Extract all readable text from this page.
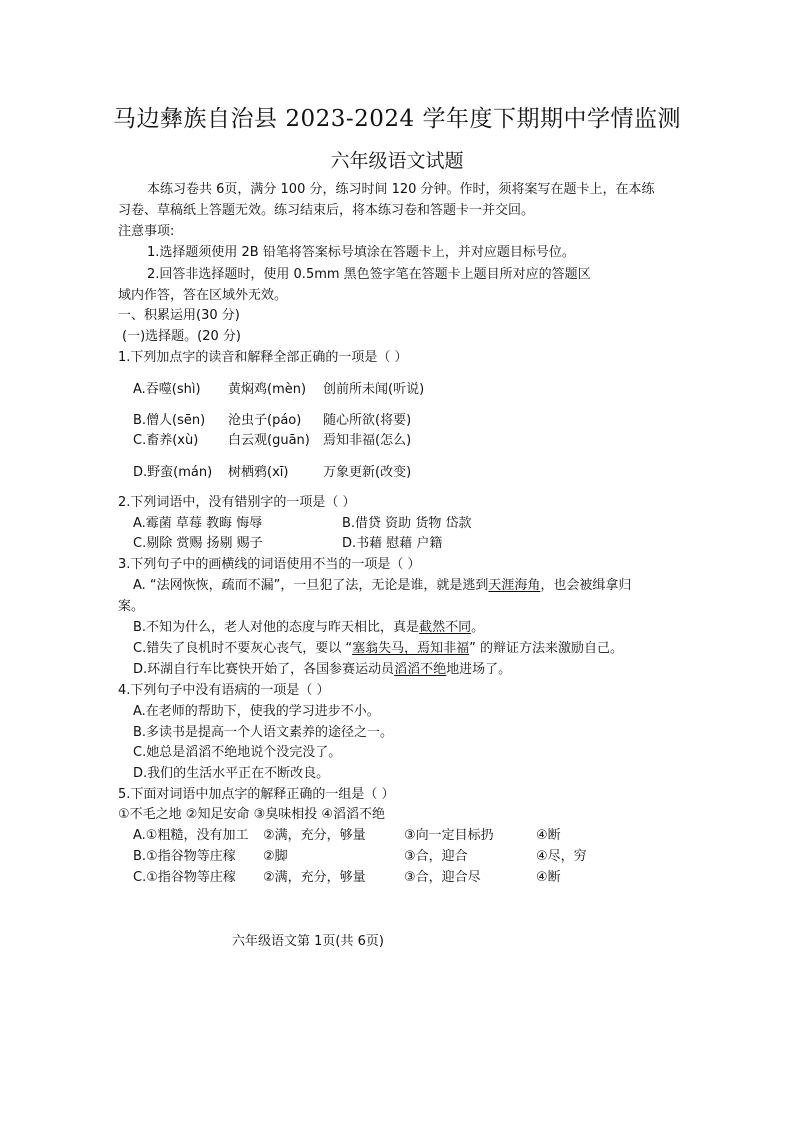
马边彝族自治县 2023-2024 学年度下期期中学情监测
六年级语文试题
本练习卷共 6页，满分 100 分，练习时间 120 分钟。作时，须将案写在题卡上，在本练
习卷、草稿纸上答题无效。练习结束后，将本练习卷和答题卡一并交回。
注意事项:
1.选择题须使用 2B 铅笔将答案标号填涂在答题卡上，并对应题目标号位。
2.回答非选择题时，使用 0.5mm 黑色签字笔在答题卡上题目所对应的答题区
域内作答，答在区域外无效。
一、积累运用(30 分)
(一)选择题。(20 分)
1.下列加点字的读音和解释全部正确的一项是（ ）
A.吞噬(shì) 黄焖鸡(mèn) 创前所未闻(听说)
B.僧人(sēn) 沧虫子(páo) 随心所欲(将要)
C.畜养(xù) 白云观(guān) 焉知非福(怎么)
D.野蛮(mán) 树栖鸦(xī)	万象更新(改变)
2.下列词语中，没有错别字的一项是（ ）
A.霉菌 草莓 教晦 悔辱	B.借贷 资助 货物 岱款
C.剔除 赏赐 扬剔 赐子	D.书藉 慰藉 户籍
3.下列句子中的画横线的词语使用不当的一项是（ ）
A. “法网恢恢，疏而不漏”，一旦犯了法，无论是谁，就是逃到天涯海角，也会被缉拿归
案。
B.不知为什么，老人对他的态度与昨天相比，真是截然不同。
C.错失了良机时不要灰心丧气，要以 “塞翁失马，焉知非福” 的辩证方法来激励自己。
D.环湖自行车比赛快开始了，各国参赛运动员滔滔不绝地进场了。
4.下列句子中没有语病的一项是（ ）
A.在老师的帮助下，使我的学习进步不小。
B.多读书是提高一个人语文素养的途径之一。
C.她总是滔滔不绝地说个没完没了。
D.我们的生活水平正在不断改良。
5.下面对词语中加点字的解释正确的一组是（ ）
①不毛之地 ②知足安命 ③臭味相投 ④滔滔不绝
A.①粗糙，没有加工 ②满，充分，够量	③向一定目标扔	④断
B.①指谷物等庄稼 ②脚	③合，迎合	④尽，穷
C.①指谷物等庄稼 ②满，充分，够量	③合，迎合尽	④断
六年级语文第 1页(共 6页)
